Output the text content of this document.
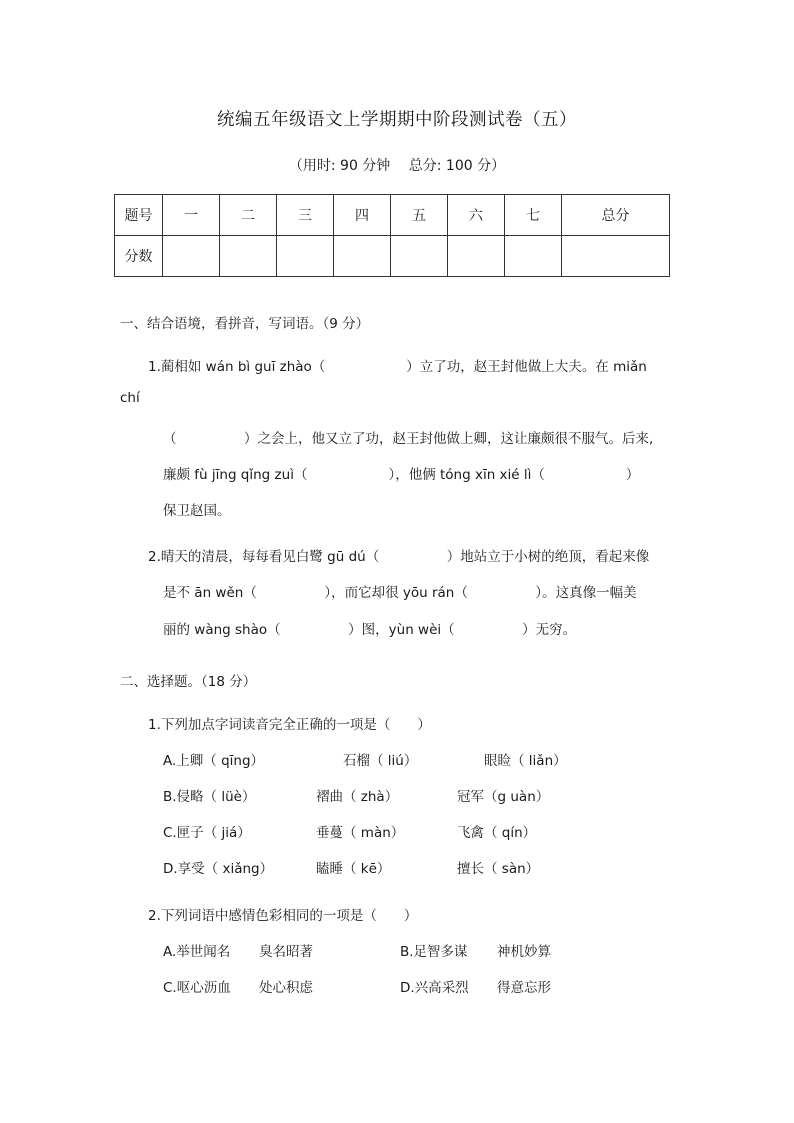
统编五年级语文上学期期中阶段测试卷（五）
（用时: 90 分钟　 总分: 100 分）
题号	一	二	三	四	五	六	七	总分
分数								
一、结合语境，看拼音，写词语。（9 分）
1.蔺相如 wán bì guī zhào（　　　　　　）立了功，赵王封他做上大夫。在 miǎn
chí
（　　　　　）之会上，他又立了功，赵王封他做上卿，这让廉颇很不服气。后来,
廉颇 fù jīng qǐng zuì（　　　　　　），他俩 tóng xīn xié lì（　　　　　　）
保卫赵国。
2.晴天的清晨，每每看见白鹭 gū dú（　　　　　）地站立于小树的绝顶，看起来像
是不 ān wěn（　　　　　），而它却很 yōu rán（　　　　　）。这真像一幅美
丽的 wàng shào（　　　　　）图，yùn wèi（　　　　　）无穷。
二、选择题。（18 分）
1.下列加点字词读音完全正确的一项是（　　）
A.上卿（ qīng）	石榴（ liú）	眼睑（ liǎn）
B.侵略（ lüè）	褶曲（ zhà）	冠军（g uàn）
C.匣子（ jiá）	垂蔓（ màn）	飞禽（ qín）
D.享受（ xiǎng）	瞌睡（ kē）	擅长（ sàn）
2.下列词语中感情色彩相同的一项是（　　）
A.举世闻名 臭名昭著	B.足智多谋 神机妙算
C.呕心沥血 处心积虑	D.兴高采烈 得意忘形
